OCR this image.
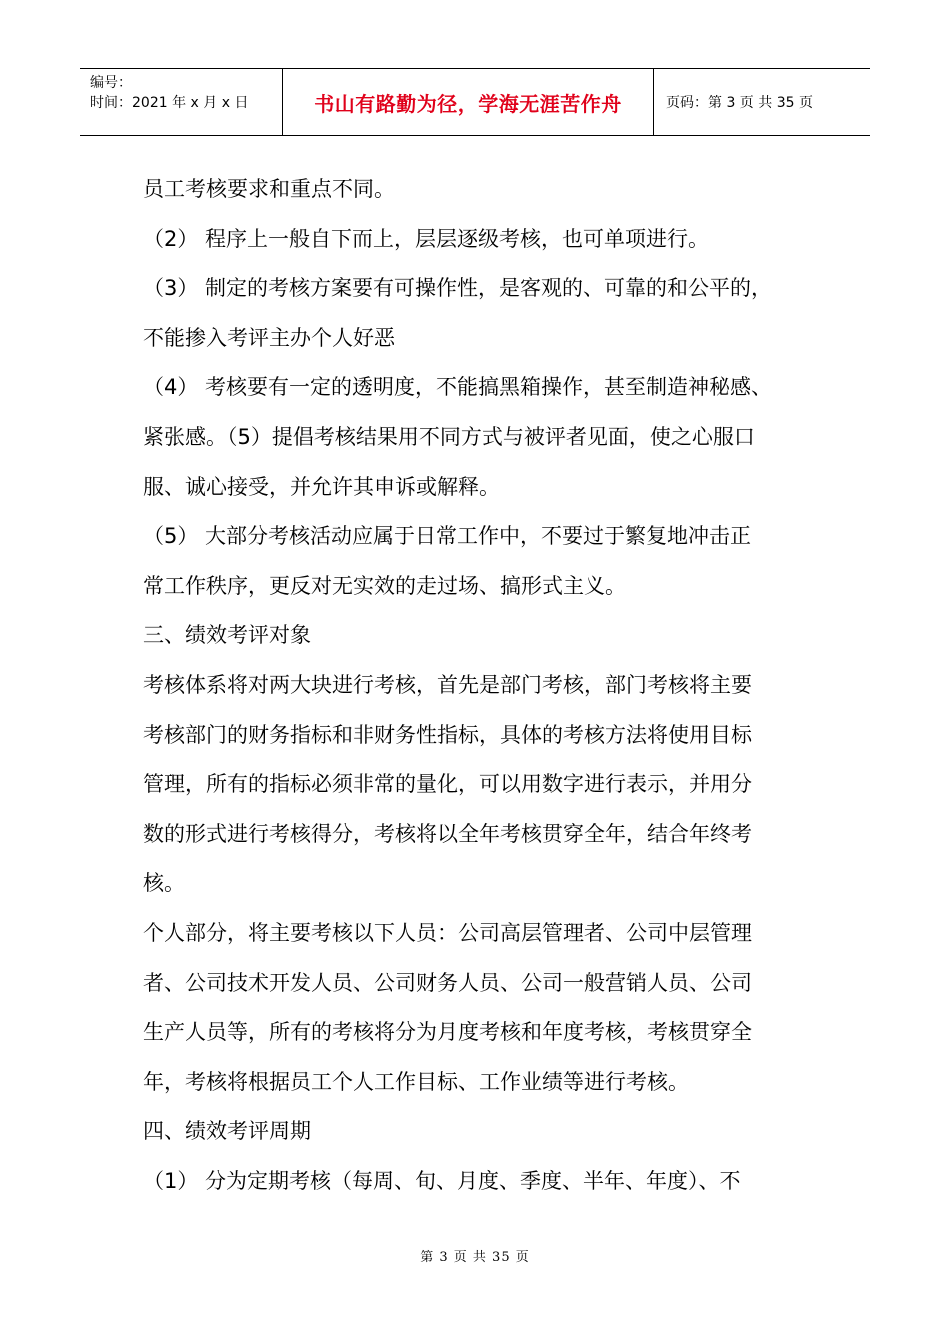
编号：
时间：2021 年 x 月 x 日	书山有路勤为径，学海无涯苦作舟	页码：第 3 页 共 35 页

员工考核要求和重点不同。

（2） 程序上一般自下而上，层层逐级考核，也可单项进行。

（3） 制定的考核方案要有可操作性，是客观的、可靠的和公平的，

不能掺入考评主办个人好恶

（4） 考核要有一定的透明度，不能搞黑箱操作，甚至制造神秘感、

紧张感。（5）提倡考核结果用不同方式与被评者见面，使之心服口

服、诚心接受，并允许其申诉或解释。

（5） 大部分考核活动应属于日常工作中，不要过于繁复地冲击正

常工作秩序，更反对无实效的走过场、搞形式主义。

三、绩效考评对象

考核体系将对两大块进行考核，首先是部门考核，部门考核将主要

考核部门的财务指标和非财务性指标，具体的考核方法将使用目标

管理，所有的指标必须非常的量化，可以用数字进行表示，并用分

数的形式进行考核得分，考核将以全年考核贯穿全年，结合年终考

核。

个人部分，将主要考核以下人员：公司高层管理者、公司中层管理

者、公司技术开发人员、公司财务人员、公司一般营销人员、公司

生产人员等，所有的考核将分为月度考核和年度考核，考核贯穿全

年，考核将根据员工个人工作目标、工作业绩等进行考核。

四、绩效考评周期

（1） 分为定期考核（每周、旬、月度、季度、半年、年度）、不

第 3 页 共 35 页
